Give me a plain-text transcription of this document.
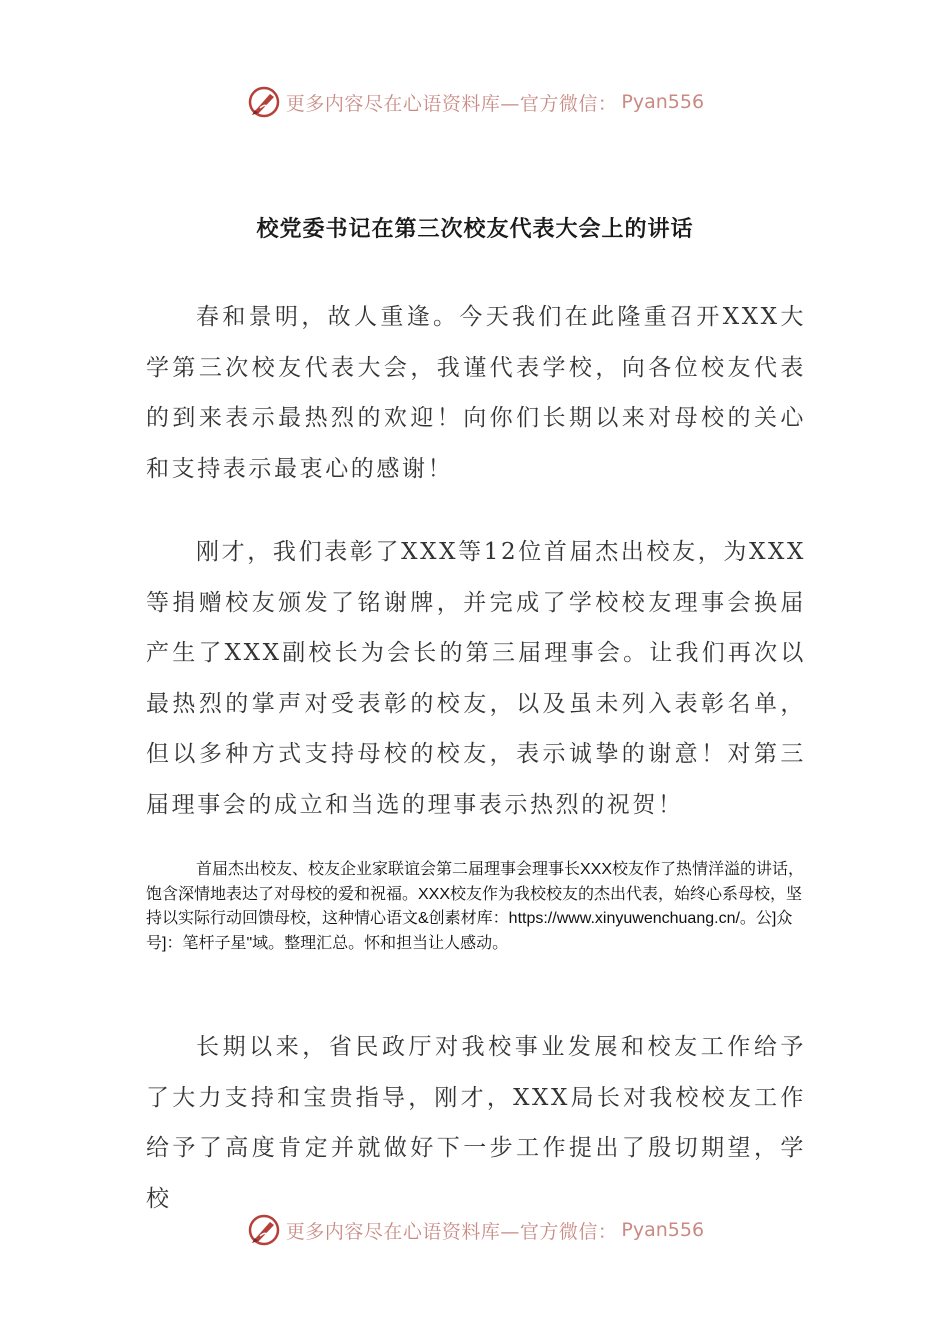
更多内容尽在心语资料库—官方微信： Pyan556
校党委书记在第三次校友代表大会上的讲话

春和景明，故人重逢。今天我们在此隆重召开XXX大学第三次校友代表大会，我谨代表学校，向各位校友代表的到来表示最热烈的欢迎！向你们长期以来对母校的关心和支持表示最衷心的感谢！

刚才，我们表彰了XXX等12位首届杰出校友，为XXX等捐赠校友颁发了铭谢牌，并完成了学校校友理事会换届产生了XXX副校长为会长的第三届理事会。让我们再次以最热烈的掌声对受表彰的校友，以及虽未列入表彰名单，但以多种方式支持母校的校友，表示诚挚的谢意！对第三届理事会的成立和当选的理事表示热烈的祝贺！

首届杰出校友、校友企业家联谊会第二届理事会理事长XXX校友作了热情洋溢的讲话，饱含深情地表达了对母校的爱和祝福。XXX校友作为我校校友的杰出代表，始终心系母校，坚持以实际行动回馈母校，这种情心语文&创素材库：https://www.xinyuwenchuang.cn/。公]众号]：笔杆子星"域。整理汇总。怀和担当让人感动。

长期以来，省民政厅对我校事业发展和校友工作给予了大力支持和宝贵指导，刚才，XXX局长对我校校友工作给予了高度肯定并就做好下一步工作提出了殷切期望，学校

更多内容尽在心语资料库—官方微信： Pyan556
